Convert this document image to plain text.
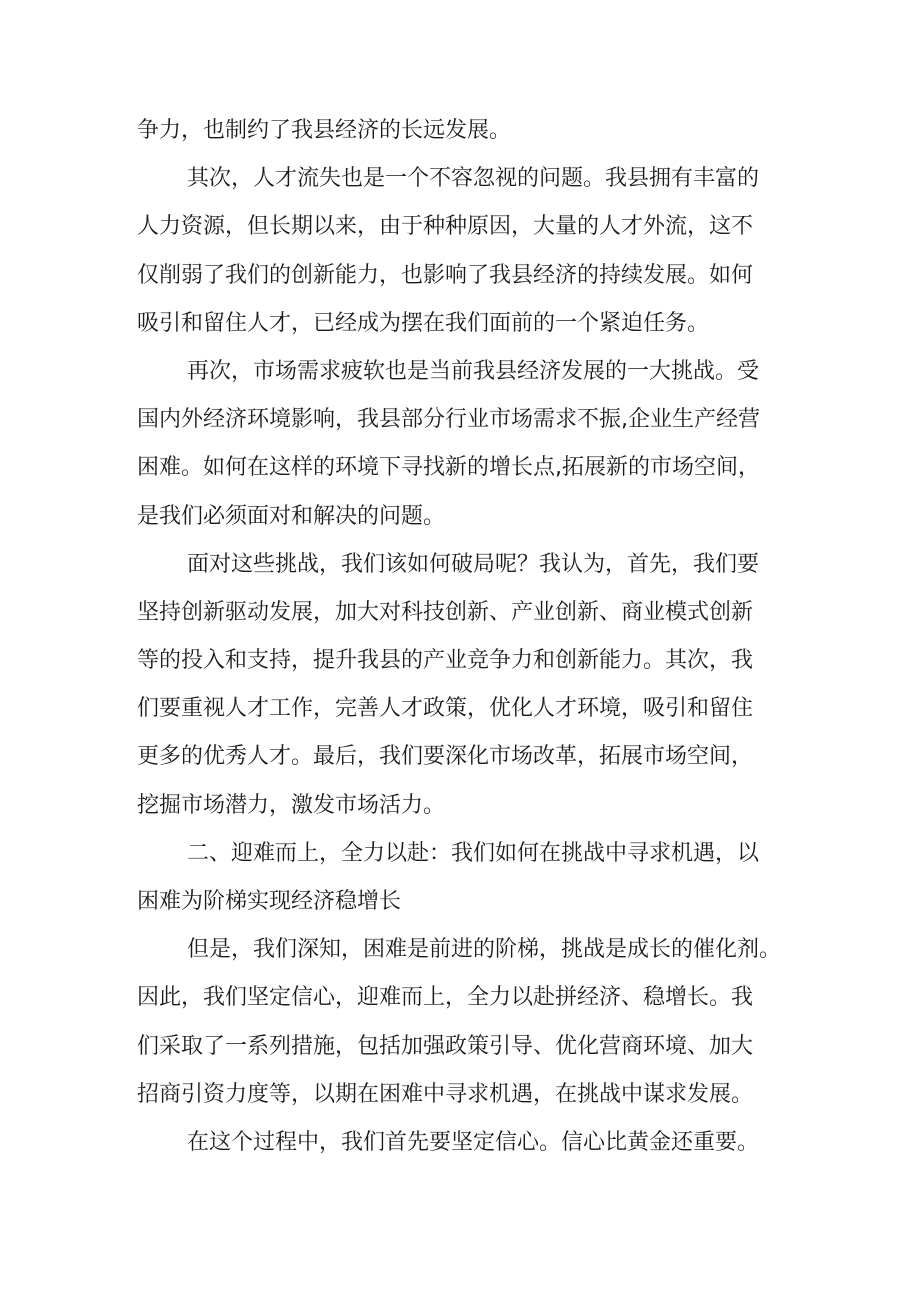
争力，也制约了我县经济的长远发展。
其次，人才流失也是一个不容忽视的问题。我县拥有丰富的
人力资源，但长期以来，由于种种原因，大量的人才外流，这不
仅削弱了我们的创新能力，也影响了我县经济的持续发展。如何
吸引和留住人才，已经成为摆在我们面前的一个紧迫任务。
再次，市场需求疲软也是当前我县经济发展的一大挑战。受
国内外经济环境影响，我县部分行业市场需求不振,企业生产经营
困难。如何在这样的环境下寻找新的增长点,拓展新的市场空间，
是我们必须面对和解决的问题。
面对这些挑战，我们该如何破局呢？我认为，首先，我们要
坚持创新驱动发展，加大对科技创新、产业创新、商业模式创新
等的投入和支持，提升我县的产业竞争力和创新能力。其次，我
们要重视人才工作，完善人才政策，优化人才环境，吸引和留住
更多的优秀人才。最后，我们要深化市场改革，拓展市场空间，
挖掘市场潜力，激发市场活力。
二、迎难而上，全力以赴：我们如何在挑战中寻求机遇，以
困难为阶梯实现经济稳增长
但是，我们深知，困难是前进的阶梯，挑战是成长的催化剂。
因此，我们坚定信心，迎难而上，全力以赴拼经济、稳增长。我
们采取了一系列措施，包括加强政策引导、优化营商环境、加大
招商引资力度等，以期在困难中寻求机遇，在挑战中谋求发展。
在这个过程中，我们首先要坚定信心。信心比黄金还重要。
